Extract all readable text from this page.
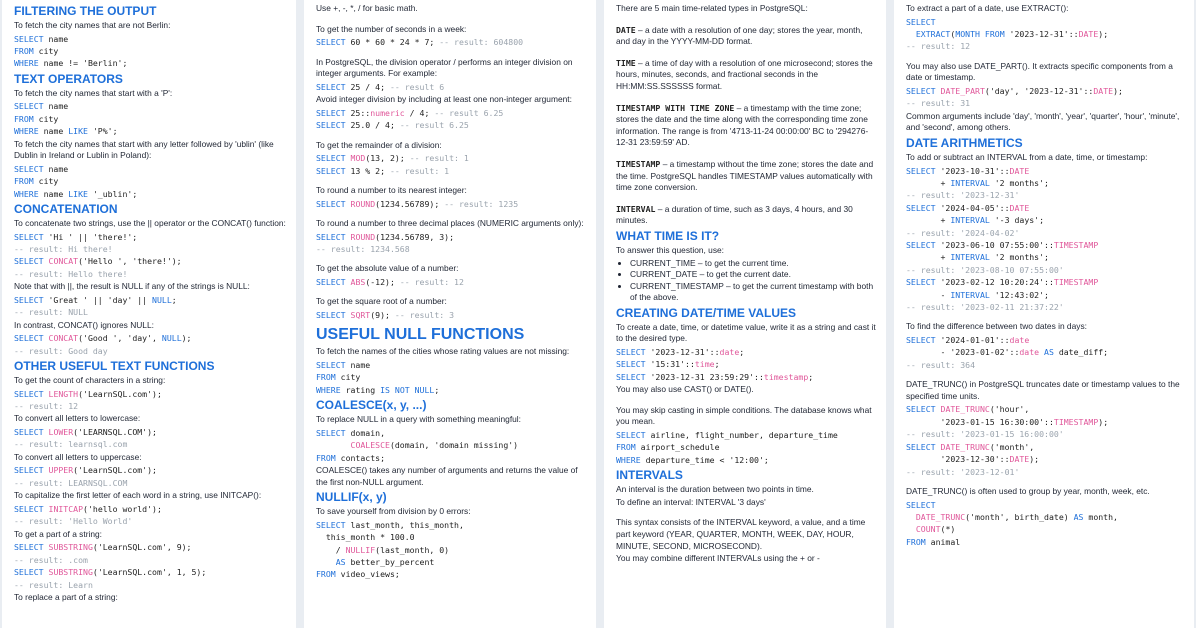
FILTERING THE OUTPUT
To fetch the city names that are not Berlin:
SELECT name
FROM city
WHERE name != 'Berlin';
TEXT OPERATORS
To fetch the city names that start with a 'P':
SELECT name
FROM city
WHERE name LIKE 'P%';
To fetch the city names that start with any letter followed by 'ublin' (like Dublin in Ireland or Lublin in Poland):
SELECT name
FROM city
WHERE name LIKE '_ublin';
CONCATENATION
To concatenate two strings, use the || operator or the CONCAT() function:
SELECT 'Hi ' || 'there!';
-- result: Hi there!
SELECT CONCAT('Hello ', 'there!');
-- result: Hello there!
Note that with ||, the result is NULL if any of the strings is NULL:
SELECT 'Great ' || 'day' || NULL;
-- result: NULL
In contrast, CONCAT() ignores NULL:
SELECT CONCAT('Good ', 'day', NULL);
-- result: Good day
OTHER USEFUL TEXT FUNCTIONS
To get the count of characters in a string:
SELECT LENGTH('LearnSQL.com');
-- result: 12
To convert all letters to lowercase:
SELECT LOWER('LEARNSQL.COM');
-- result: learnsql.com
To convert all letters to uppercase:
SELECT UPPER('LearnSQL.com');
-- result: LEARNSQL.COM
To capitalize the first letter of each word in a string, use INITCAP():
SELECT INITCAP('hello world');
-- result: 'Hello World'
To get a part of a string:
SELECT SUBSTRING('LearnSQL.com', 9);
-- result: .com
SELECT SUBSTRING('LearnSQL.com', 1, 5);
-- result: Learn
To replace a part of a string:
Use +, -, *, / for basic math.
To get the number of seconds in a week:
SELECT 60 * 60 * 24 * 7; -- result: 604800
In PostgreSQL, the division operator / performs an integer division on integer arguments. For example:
SELECT 25 / 4; -- result 6
Avoid integer division by including at least one non-integer argument:
SELECT 25::numeric / 4; -- result 6.25
SELECT 25.0 / 4; -- result 6.25
To get the remainder of a division:
SELECT MOD(13, 2); -- result: 1
SELECT 13 % 2; -- result: 1
To round a number to its nearest integer:
SELECT ROUND(1234.56789); -- result: 1235
To round a number to three decimal places (NUMERIC arguments only):
SELECT ROUND(1234.56789, 3);
-- result: 1234.568
To get the absolute value of a number:
SELECT ABS(-12); -- result: 12
To get the square root of a number:
SELECT SQRT(9); -- result: 3
USEFUL NULL FUNCTIONS
To fetch the names of the cities whose rating values are not missing:
SELECT name
FROM city
WHERE rating IS NOT NULL;
COALESCE(x, y, ...)
To replace NULL in a query with something meaningful:
SELECT domain,
COALESCE(domain, 'domain missing')
FROM contacts;
COALESCE() takes any number of arguments and returns the value of the first non-NULL argument.
NULLIF(x, y)
To save yourself from division by 0 errors:
SELECT last_month, this_month,
this_month * 100.0
/ NULLIF(last_month, 0)
AS better_by_percent
FROM video_views;
There are 5 main time-related types in PostgreSQL:
DATE – a date with a resolution of one day; stores the year, month, and day in the YYYY-MM-DD format.
TIME – a time of day with a resolution of one microsecond; stores the hours, minutes, seconds, and fractional seconds in the HH:MM:SS.SSSSSS format.
TIMESTAMP WITH TIME ZONE – a timestamp with the time zone; stores the date and the time along with the corresponding time zone information. The range is from '4713-11-24 00:00:00' BC to '294276-12-31 23:59:59' AD.
TIMESTAMP – a timestamp without the time zone; stores the date and the time. PostgreSQL handles TIMESTAMP values automatically with time zone conversion.
INTERVAL – a duration of time, such as 3 days, 4 hours, and 30 minutes.
WHAT TIME IS IT?
To answer this question, use:
• CURRENT_TIME – to get the current time.
• CURRENT_DATE – to get the current date.
• CURRENT_TIMESTAMP – to get the current timestamp with both of the above.
CREATING DATE/TIME VALUES
To create a date, time, or datetime value, write it as a string and cast it to the desired type.
SELECT '2023-12-31'::date;
SELECT '15:31'::time;
SELECT '2023-12-31 23:59:29'::timestamp;
You may also use CAST() or DATE().
You may skip casting in simple conditions. The database knows what you mean.
SELECT airline, flight_number, departure_time
FROM airport_schedule
WHERE departure_time < '12:00';
INTERVALS
An interval is the duration between two points in time.
To define an interval: INTERVAL '3 days'
This syntax consists of the INTERVAL keyword, a value, and a time part keyword (YEAR, QUARTER, MONTH, WEEK, DAY, HOUR, MINUTE, SECOND, MICROSECOND).
You may combine different INTERVALs using the + or -
To extract a part of a date, use EXTRACT():
SELECT
EXTRACT(MONTH FROM '2023-12-31'::DATE);
-- result: 12
You may also use DATE_PART(). It extracts specific components from a date or timestamp.
SELECT DATE_PART('day', '2023-12-31'::DATE);
-- result: 31
Common arguments include 'day', 'month', 'year', 'quarter', 'hour', 'minute', and 'second', among others.
DATE ARITHMETICS
To add or subtract an INTERVAL from a date, time, or timestamp:
SELECT '2023-10-31'::DATE
+ INTERVAL '2 months';
-- result: '2023-12-31'
SELECT '2024-04-05'::DATE
+ INTERVAL '-3 days';
-- result: '2024-04-02'
SELECT '2023-06-10 07:55:00'::TIMESTAMP
+ INTERVAL '2 months';
-- result: '2023-08-10 07:55:00'
SELECT '2023-02-12 10:20:24'::TIMESTAMP
- INTERVAL '12:43:02';
-- result: '2023-02-11 21:37:22'
To find the difference between two dates in days:
SELECT '2024-01-01'::date
- '2023-01-02'::date AS date_diff;
-- result: 364
DATE_TRUNC() in PostgreSQL truncates date or timestamp values to the specified time units.
SELECT DATE_TRUNC('hour',
'2023-01-15 16:30:00'::TIMESTAMP);
-- result: '2023-01-15 16:00:00'
SELECT DATE_TRUNC('month',
'2023-12-30'::DATE);
-- result: '2023-12-01'
DATE_TRUNC() is often used to group by year, month, week, etc.
SELECT
DATE_TRUNC('month', birth_date) AS month,
COUNT(*)
FROM animal
